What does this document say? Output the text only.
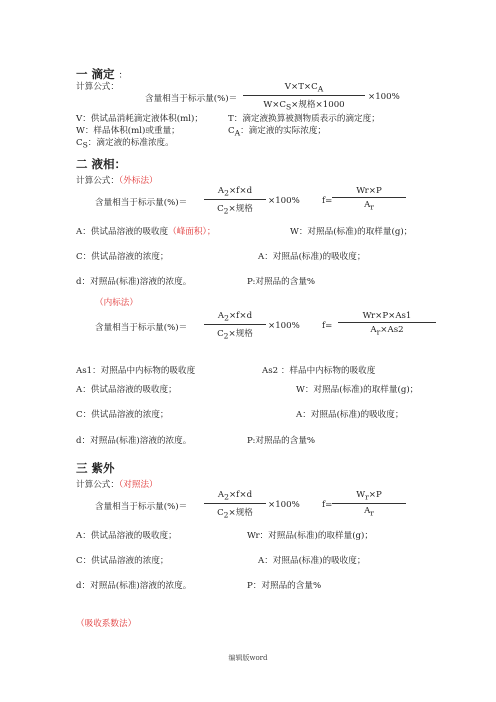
一 滴定 ：
计算公式：
含量相当于标示量(%)＝
$V\times T\times C_A$
$W\times C_S\times$规格×1000
×100%
V：供试品消耗滴定液体积(ml)；	T：滴定液换算被测物质表示的滴定度；
W：样品体积(ml)或重量；	$C_A$：滴定液的实际浓度；
$C_S$：滴定液的标准浓度。
二 液相：
计算公式：（外标法）
含量相当于标示量(%)＝
$A_2\times f\times d$
$C_2\times$规格
×100%	$f= \frac{Wr\times P}{A_r}$
A：供试品溶液的吸收度（峰面积）；	W：对照品(标准)的取样量(g)；
C：供试品溶液的浓度；	A：对照品(标准)的吸收度；
d：对照品(标准)溶液的浓度。	P:对照品的含量%
（内标法）
含量相当于标示量(%)＝
$A_2\times f\times d$
$C_2\times$规格
×100%	$f= \frac{Wr\times P\times As1}{A_r\times As2}$
As1：对照品中内标物的吸收度	As2 ：样品中内标物的吸收度
A：供试品溶液的吸收度；	W：对照品(标准)的取样量(g)；
C：供试品溶液的浓度；	A：对照品(标准)的吸收度；
d：对照品(标准)溶液的浓度。	P:对照品的含量%
三 紫外
计算公式：（对照法）
含量相当于标示量(%)＝
$A_2\times f\times d$
$C_2\times$规格
×100%	$f= \frac{W_r\times P}{A_r}$
A：供试品溶液的吸收度；	Wr：对照品(标准)的取样量(g)；
C：供试品溶液的浓度；	A：对照品(标准)的吸收度；
d：对照品(标准)溶液的浓度。	P：对照品的含量%
（吸收系数法）
编辑版word
